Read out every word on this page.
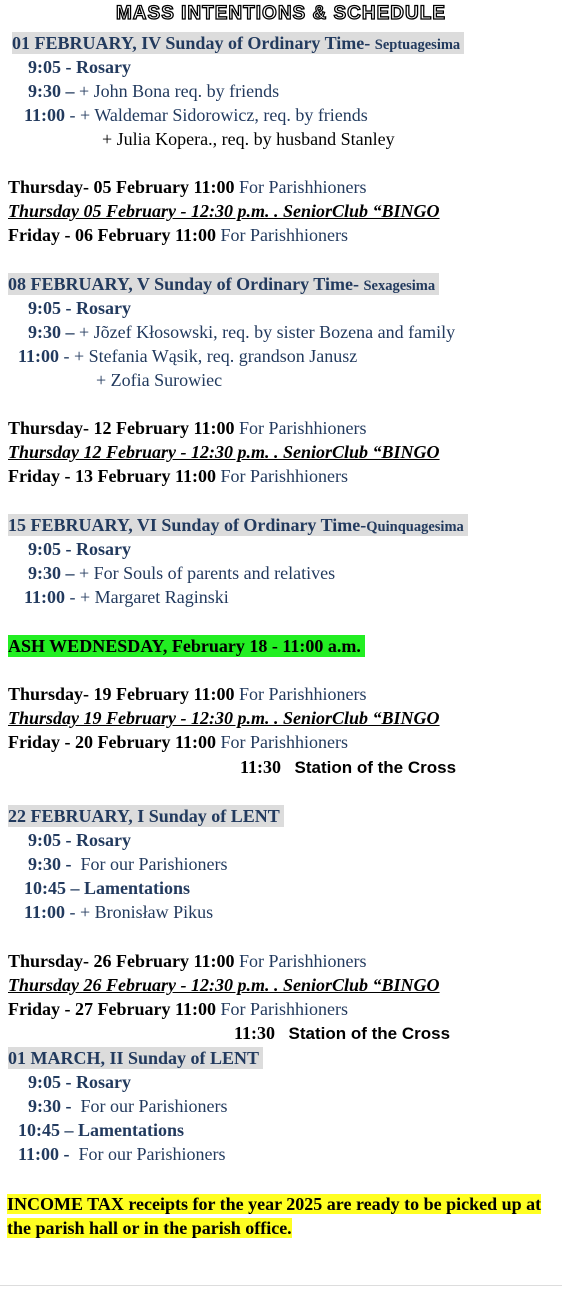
MASS INTENTIONS & SCHEDULE
01 FEBRUARY, IV Sunday of Ordinary Time- Septuagesima
9:05 - Rosary
9:30 – + John Bona req. by friends
11:00 - + Waldemar Sidorowicz, req. by friends
+ Julia Kopera., req. by husband Stanley
Thursday- 05 February 11:00 For Parishhioners
Thursday 05 February - 12:30 p.m. . SeniorClub “BINGO
Friday - 06 February 11:00 For Parishhioners
08 FEBRUARY, V Sunday of Ordinary Time- Sexagesima
9:05 - Rosary
9:30 – + Jõzef Kłosowski, req. by sister Bozena and family
11:00 - + Stefania Wąsik, req. grandson Janusz
+ Zofia Surowiec
Thursday- 12 February 11:00 For Parishhioners
Thursday 12 February - 12:30 p.m. . SeniorClub “BINGO
Friday - 13 February 11:00 For Parishhioners
15 FEBRUARY, VI Sunday of Ordinary Time-Quinquagesima
9:05 - Rosary
9:30 – + For Souls of parents and relatives
11:00 - + Margaret Raginski
ASH WEDNESDAY, February 18 - 11:00 a.m.
Thursday- 19 February 11:00 For Parishhioners
Thursday 19 February - 12:30 p.m. . SeniorClub “BINGO
Friday - 20 February 11:00 For Parishhioners
11:30 Station of the Cross
22 FEBRUARY, I Sunday of LENT
9:05 - Rosary
9:30 - For our Parishioners
10:45 – Lamentations
11:00 - + Bronisław Pikus
Thursday- 26 February 11:00 For Parishhioners
Thursday 26 February - 12:30 p.m. . SeniorClub “BINGO
Friday - 27 February 11:00 For Parishhioners
11:30 Station of the Cross
01 MARCH, II Sunday of LENT
9:05 - Rosary
9:30 - For our Parishioners
10:45 – Lamentations
11:00 - For our Parishioners
INCOME TAX receipts for the year 2025 are ready to be picked up at the parish hall or in the parish office.
